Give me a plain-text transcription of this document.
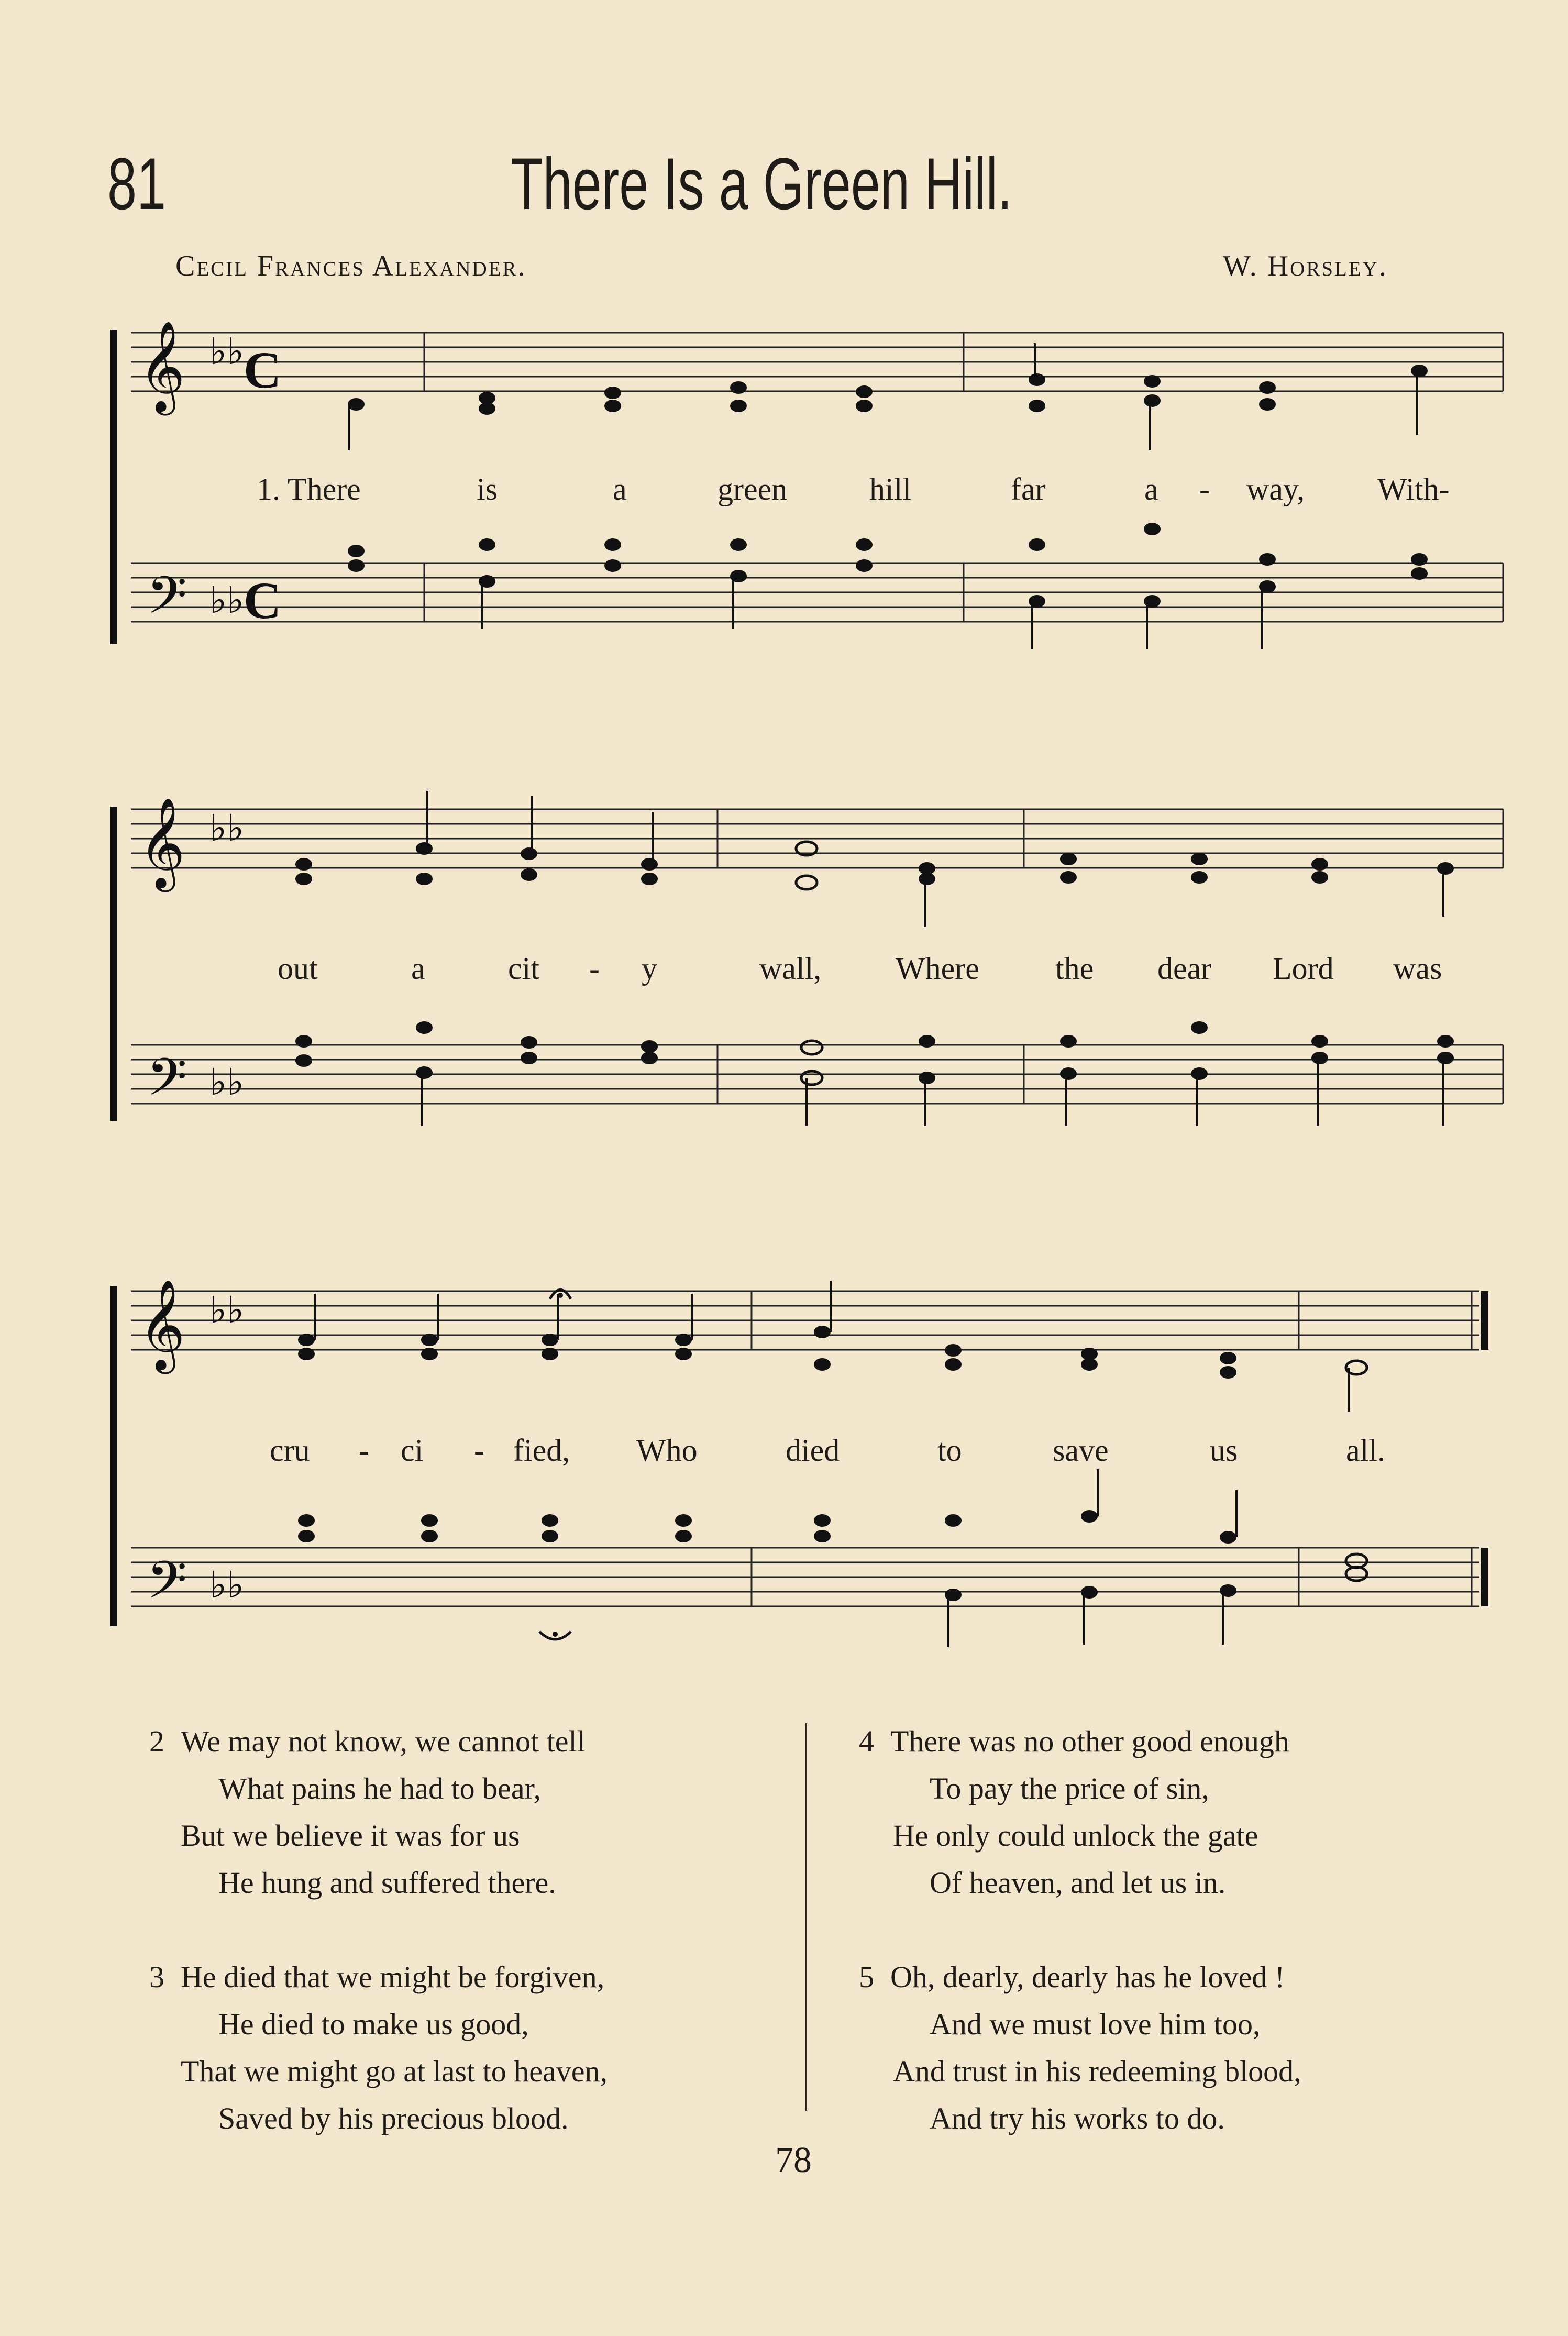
81	There Is a Green Hill.
Cecil Frances Alexander.	W. Horsley.
𝄞
𝄢
♭♭
♭♭
C
C
1. There	is	a	green	hill	far	a - way, With-
𝄞
𝄢
♭♭
♭♭
out	a	cit - y	wall, Where the dear Lord was
𝄞
𝄢
♭♭
♭♭
cru - ci - fied, Who	died	to	save	us	all.
2 We may not know, we cannot tell
What pains he had to bear,
But we believe it was for us
He hung and suffered there.
3 He died that we might be forgiven,
He died to make us good,
That we might go at last to heaven,
Saved by his precious blood.
4 There was no other good enough
To pay the price of sin,
He only could unlock the gate
Of heaven, and let us in.
5 Oh, dearly, dearly has he loved !
And we must love him too,
And trust in his redeeming blood,
And try his works to do.
78
